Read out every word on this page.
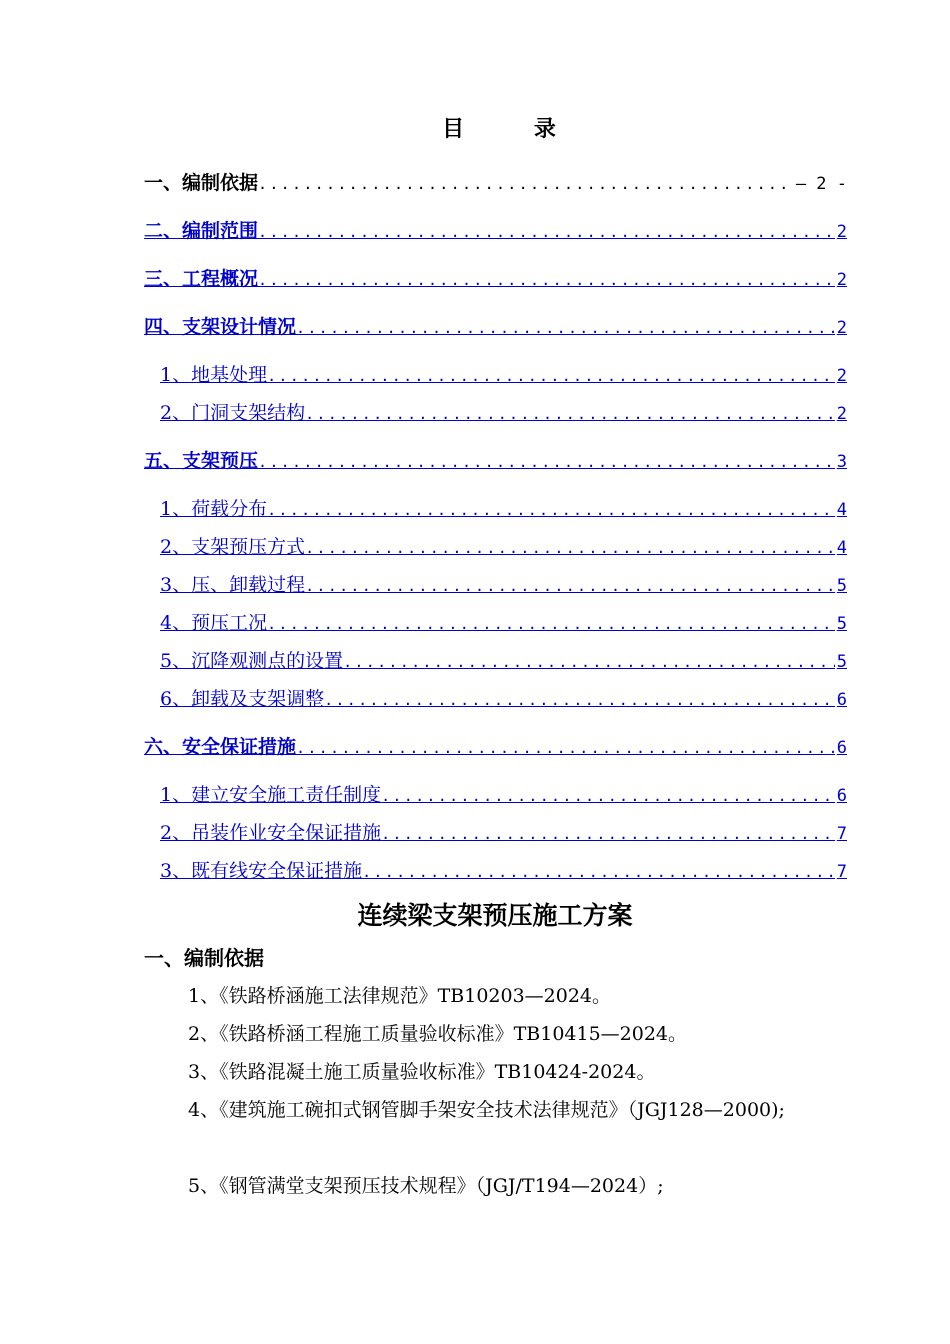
目 录
一、编制依据 .....	— 2 -
二、编制范围 .....	2
三、工程概况 .....	2
四、支架设计情况 .....	2
1、地基处理 .....	2
2、门洞支架结构 .....	2
五、支架预压 .....	3
1、荷载分布 .....	4
2、支架预压方式 .....	4
3、压、卸载过程 .....	5
4、预压工况 .....	5
5、沉降观测点的设置 .....	5
6、卸载及支架调整 .....	6
六、安全保证措施 .....	6
1、建立安全施工责任制度 .....	6
2、吊装作业安全保证措施 .....	7
3、既有线安全保证措施 .....	7
连续梁支架预压施工方案
一、编制依据
1、《铁路桥涵施工法律规范》TB10203—2024。
2、《铁路桥涵工程施工质量验收标准》TB10415—2024。
3、《铁路混凝土施工质量验收标准》TB10424-2024。
4、《建筑施工碗扣式钢管脚手架安全技术法律规范》（JGJ128—2000);
5、《钢管满堂支架预压技术规程》（JGJ/T194—2024）;
